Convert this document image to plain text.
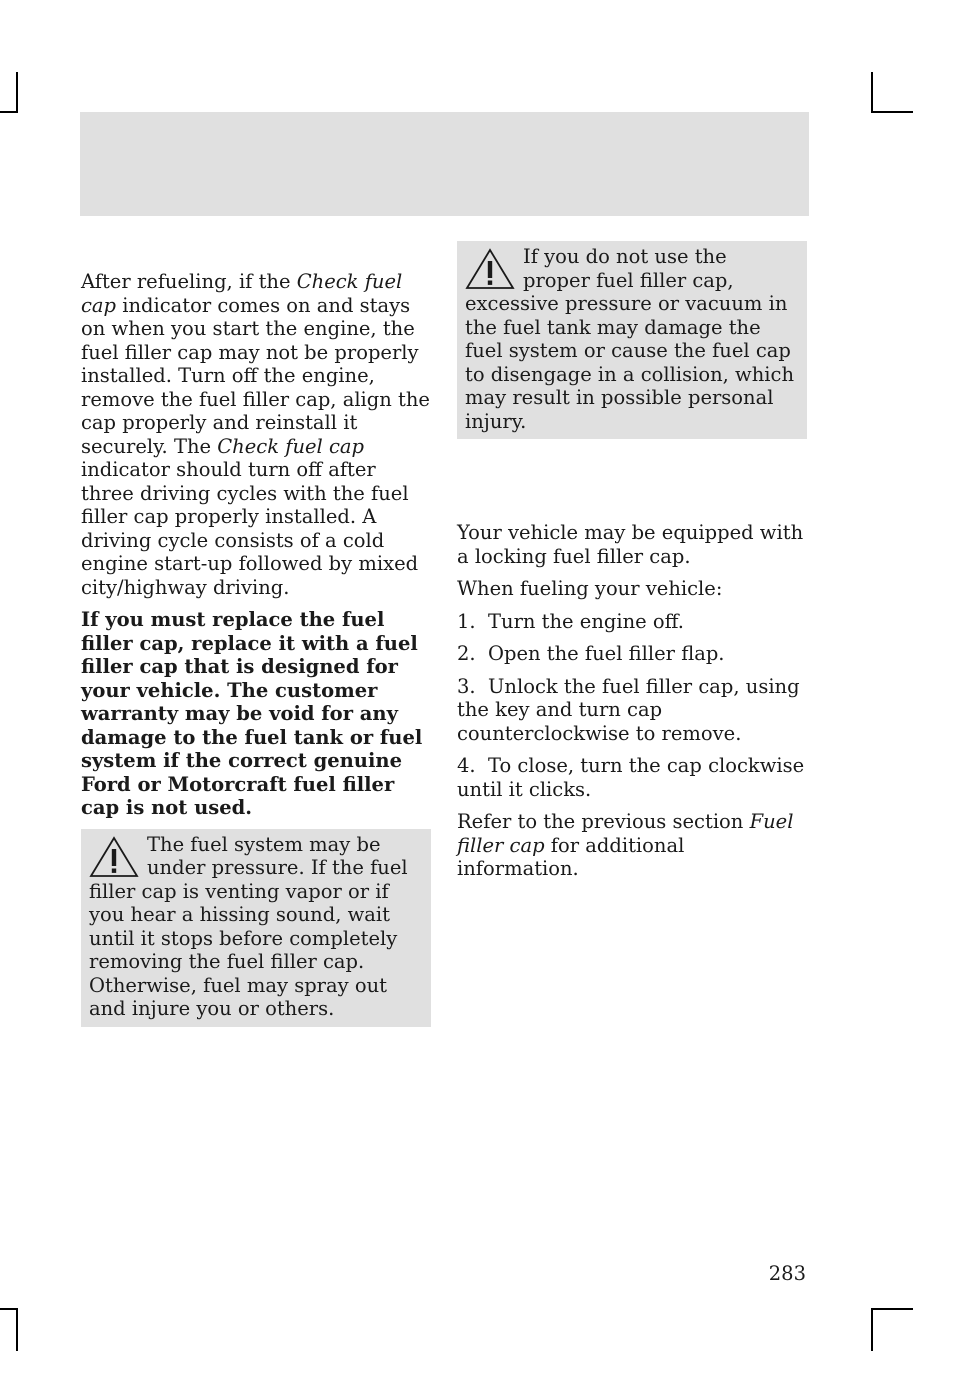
After refueling, if the Check fuel cap indicator comes on and stays on when you start the engine, the fuel filler cap may not be properly installed. Turn off the engine, remove the fuel filler cap, align the cap properly and reinstall it securely. The Check fuel cap indicator should turn off after three driving cycles with the fuel filler cap properly installed. A driving cycle consists of a cold engine start-up followed by mixed city/highway driving.

If you must replace the fuel filler cap, replace it with a fuel filler cap that is designed for your vehicle. The customer warranty may be void for any damage to the fuel tank or fuel system if the correct genuine Ford or Motorcraft fuel filler cap is not used.

The fuel system may be under pressure. If the fuel filler cap is venting vapor or if you hear a hissing sound, wait until it stops before completely removing the fuel filler cap. Otherwise, fuel may spray out and injure you or others.
If you do not use the proper fuel filler cap, excessive pressure or vacuum in the fuel tank may damage the fuel system or cause the fuel cap to disengage in a collision, which may result in possible personal injury.

Your vehicle may be equipped with a locking fuel filler cap.

When fueling your vehicle:

1. Turn the engine off.

2. Open the fuel filler flap.

3. Unlock the fuel filler cap, using the key and turn cap counterclockwise to remove.

4. To close, turn the cap clockwise until it clicks.

Refer to the previous section Fuel filler cap for additional information.

283
